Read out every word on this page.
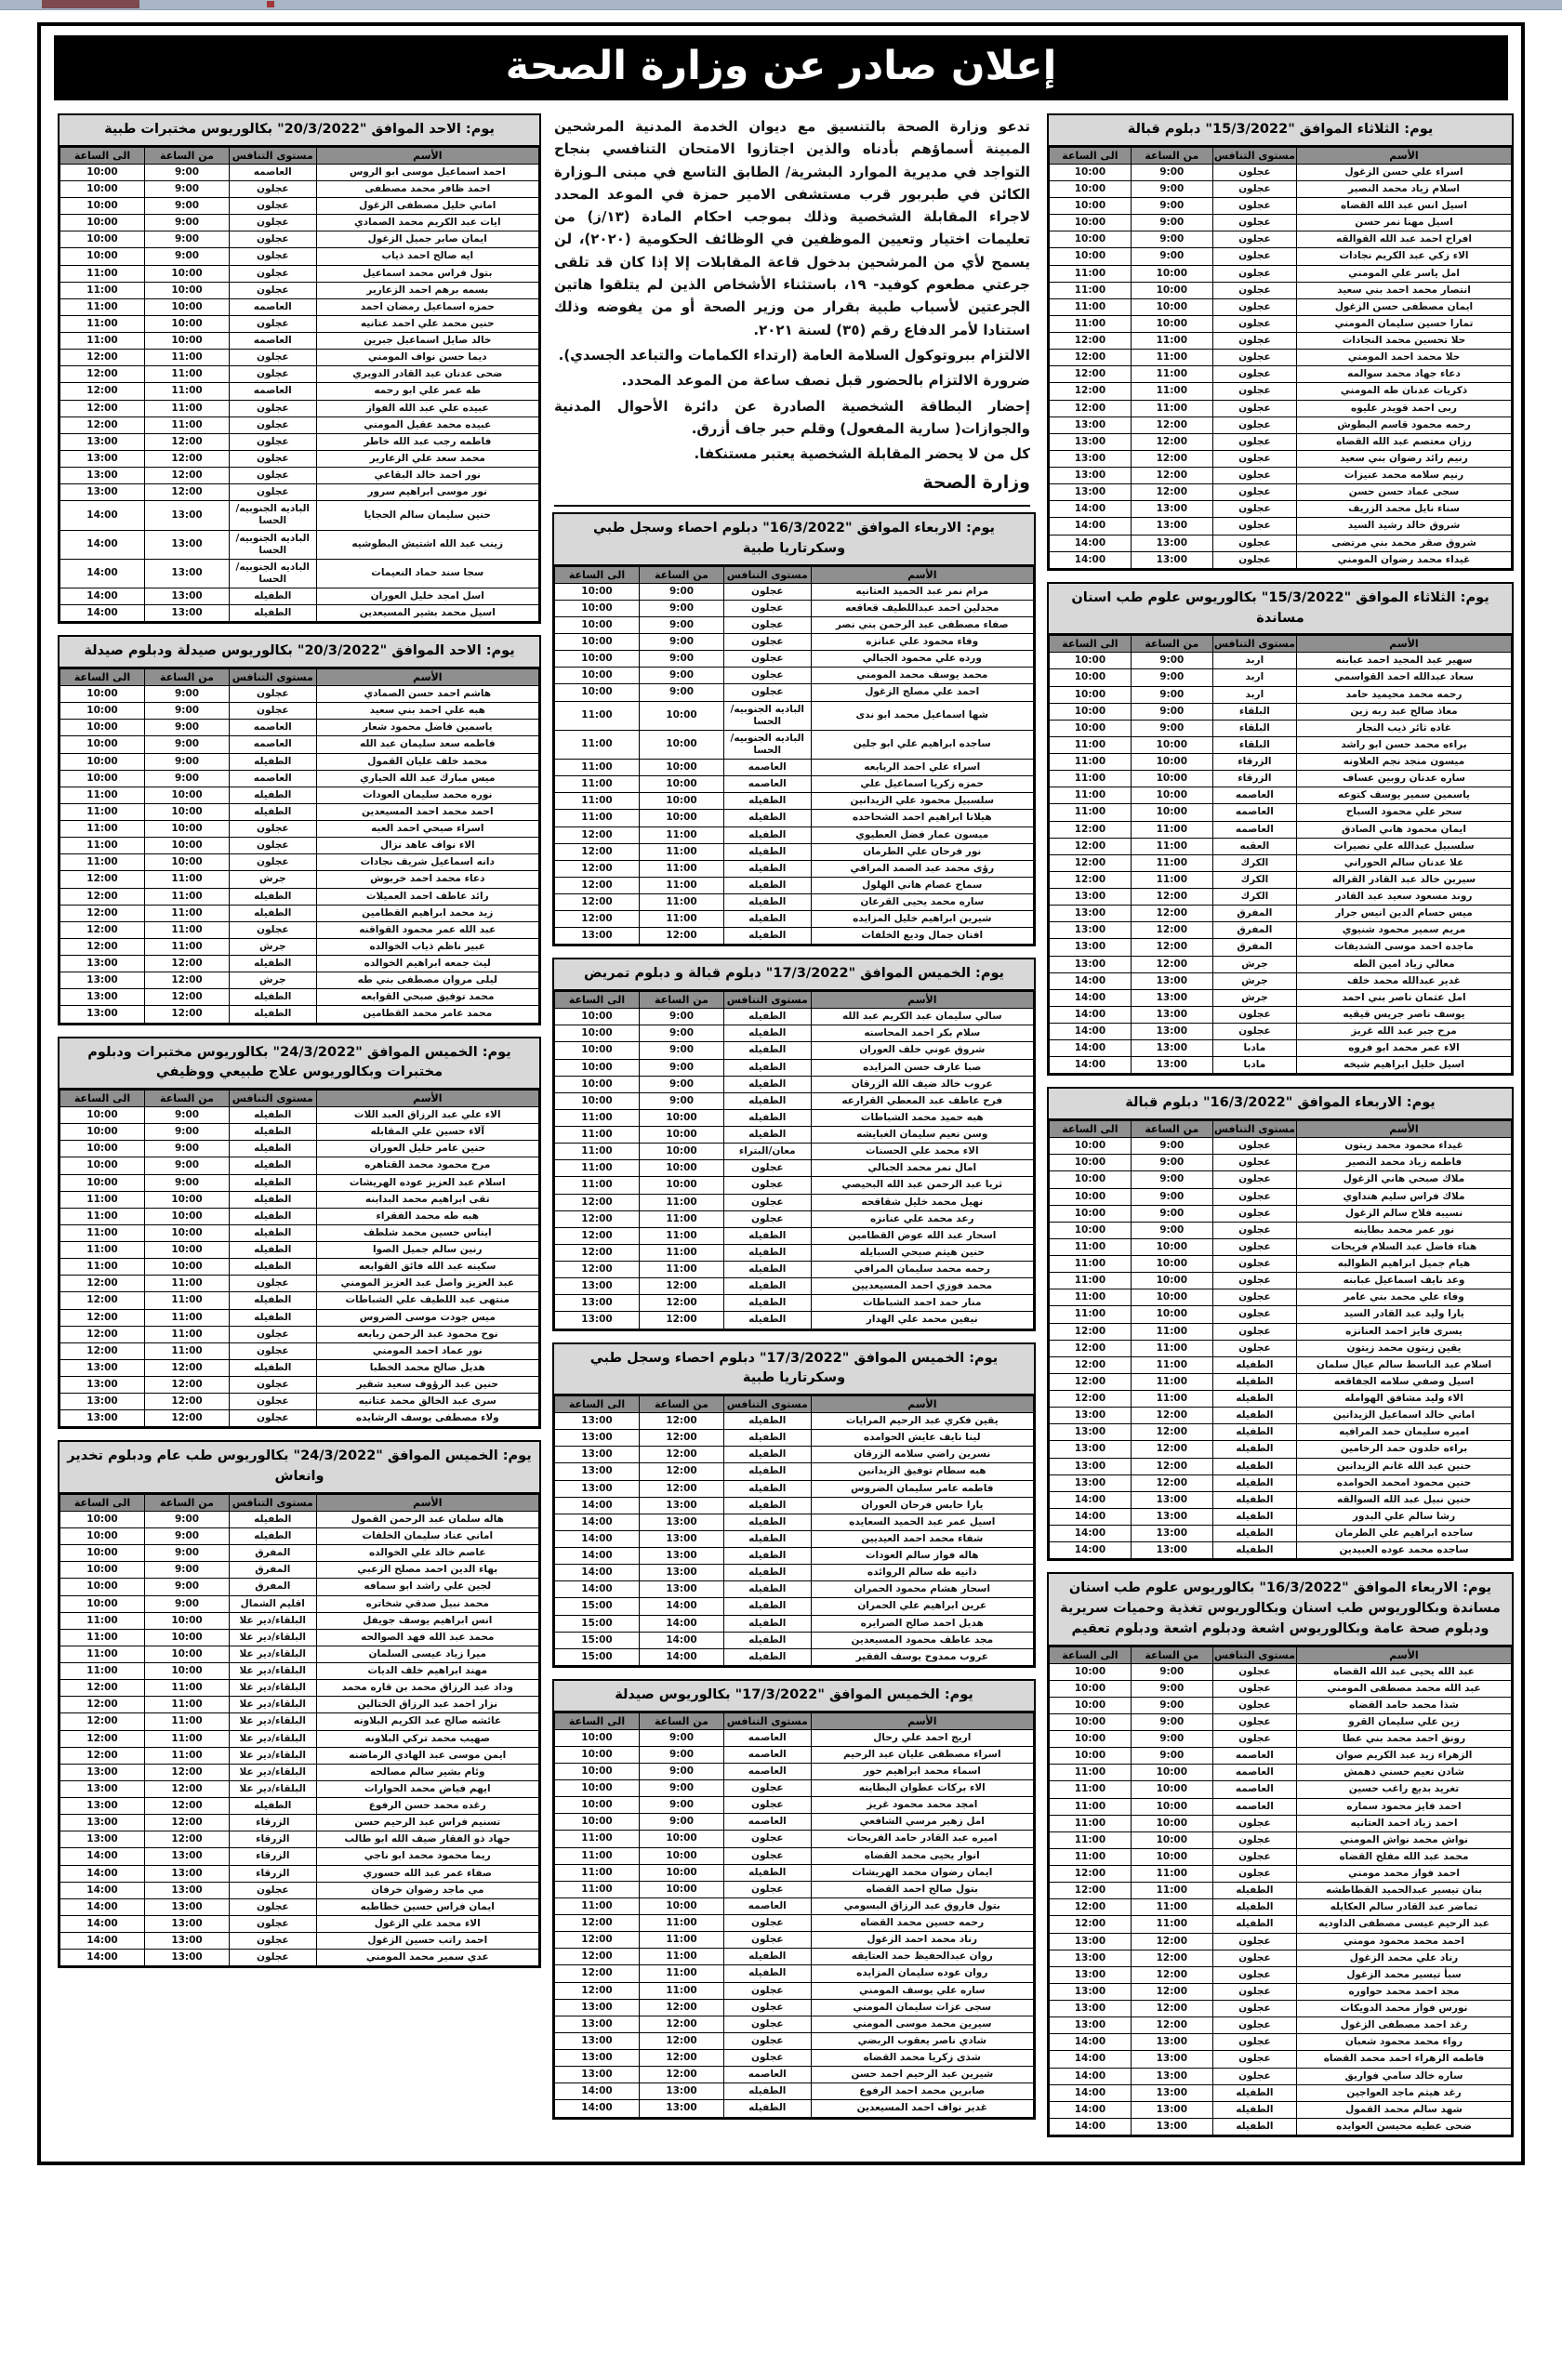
إعلان صادر عن وزارة الصحة
يوم: الثلاثاء الموافق "15/3/2022" دبلوم قبالة
الأسم	مستوى التنافس	من الساعة	الى الساعة
اسراء علي حسن الزغول	عجلون	9:00	10:00
اسلام زياد محمد النصير	عجلون	9:00	10:00
اسيل انس عبد الله القضاه	عجلون	9:00	10:00
اسيل مهنا نمر حسن	عجلون	9:00	10:00
افراح احمد عبد الله القوالقه	عجلون	9:00	10:00
الاء زكي عبد الكريم نجادات	عجلون	9:00	10:00
امل ياسر علي المومني	عجلون	10:00	11:00
انتصار محمد احمد بني سعيد	عجلون	10:00	11:00
ايمان مصطفى حسن الزغول	عجلون	10:00	11:00
تمارا حسين سليمان المومني	عجلون	10:00	11:00
حلا تحسين محمد النجادات	عجلون	11:00	12:00
حلا محمد احمد المومني	عجلون	11:00	12:00
دعاء جهاد محمد سوالمه	عجلون	11:00	12:00
ذكريات عدنان طه المومني	عجلون	11:00	12:00
ربى احمد قويدر عليوه	عجلون	11:00	12:00
رحمه محمود قاسم البطوش	عجلون	12:00	13:00
رزان معتصم عبد الله القضاه	عجلون	12:00	13:00
رنيم رائد رضوان بني سعيد	عجلون	12:00	13:00
رنيم سلامه محمد عنيزات	عجلون	12:00	13:00
سجى عماد حسن حسن	عجلون	12:00	13:00
سناء نايل محمد الزريف	عجلون	13:00	14:00
شروق خالد رشيد السيد	عجلون	13:00	14:00
شروق صقر محمد بني مرتضى	عجلون	13:00	14:00
غيداء محمد رضوان المومني	عجلون	13:00	14:00
يوم: الثلاثاء الموافق "15/3/2022" بكالوريوس علوم طب اسنان مساندة
الأسم	مستوى التنافس	من الساعة	الى الساعة
سهير عبد المجيد احمد عبابنه	اربد	9:00	10:00
سعاد عبدالله احمد القواسمي	اربد	9:00	10:00
رحمه محمد محيميد حامد	اربد	9:00	10:00
معاذ صالح عبد ربه زين	البلقاء	9:00	10:00
غاده ثائر ذيب النجار	البلقاء	9:00	10:00
براءه محمد حسن ابو راشد	البلقاء	10:00	11:00
ميسون منجد نجم العلاونه	الزرقاء	10:00	11:00
ساره عدنان روبين عساف	الزرقاء	10:00	11:00
ياسمين سمير يوسف كتوعه	العاصمه	10:00	11:00
سحر علي محمود السباح	العاصمه	10:00	11:00
ايمان محمود هاني الصادق	العاصمه	11:00	12:00
سلسبيل عبدالله علي نصيرات	العقبه	11:00	12:00
علا عدنان سالم الحوراني	الكرك	11:00	12:00
سيرين خالد عبد القادر القراله	الكرك	11:00	12:00
روند مسعود سعيد عبد القادر	الكرك	12:00	13:00
ميس حسام الدين انيس جرار	المفرق	12:00	13:00
مريم سمير محمود شنيوي	المفرق	12:00	13:00
ماجده احمد موسى الشديفات	المفرق	12:00	13:00
معالي زياد امين الطه	جرش	12:00	13:00
غدير عبدالله محمد خلف	جرش	13:00	14:00
امل عثمان ناصر بني احمد	جرش	13:00	14:00
يوسف ناصر جريس قيقيه	عجلون	13:00	14:00
مرح جبر عبد الله غريز	عجلون	13:00	14:00
الاء عمر محمد ابو فروه	مادبا	13:00	14:00
اسيل خليل ابراهيم شيخه	مادبا	13:00	14:00
يوم: الاربعاء الموافق "16/3/2022" دبلوم قبالة
الأسم	مستوى التنافس	من الساعة	الى الساعة
غيداء محمود محمد زيتون	عجلون	9:00	10:00
فاطمه زياد محمد النصير	عجلون	9:00	10:00
ملاك صبحي هاني الزغول	عجلون	9:00	10:00
ملاك فراس سليم هنداوي	عجلون	9:00	10:00
نسيبه فلاح سالم الزغول	عجلون	9:00	10:00
نور عمر محمد بطاينه	عجلون	9:00	10:00
هناء فاضل عبد السلام فريحات	عجلون	10:00	11:00
هيام جميل ابراهيم الطوالبه	عجلون	10:00	11:00
وعد نايف اسماعيل عبابنه	عجلون	10:00	11:00
وفاء علي محمد بني عامر	عجلون	10:00	11:00
يارا وليد عبد القادر السيد	عجلون	10:00	11:00
يسرى فايز احمد العنانزه	عجلون	11:00	12:00
يقين زيتون محمد زيتون	عجلون	11:00	12:00
اسلام عبد الباسط سالم عيال سلمان	الطفيله	11:00	12:00
اسيل وصفي سلامه الجفاقعه	الطفيله	11:00	12:00
الاء وليد مشافق الهوامله	الطفيله	11:00	12:00
اماني خالد اسماعيل الزيدانين	الطفيله	12:00	13:00
اميره سليمان حمد المرافيه	الطفيله	12:00	13:00
براءه خلدون حمد الرخامين	الطفيله	12:00	13:00
حنين عبد الله غانم الزيدانين	الطفيله	12:00	13:00
حنين محمود امحمد الحوامده	الطفيله	12:00	13:00
حنين نبيل عبد الله السوالقه	الطفيله	13:00	14:00
رشا سالم علي البدور	الطفيله	13:00	14:00
ساجده ابراهيم علي الطرمان	الطفيله	13:00	14:00
ساجده محمد عوده العبيدين	الطفيله	13:00	14:00
يوم: الاربعاء الموافق "16/3/2022" بكالوريوس علوم طب اسنان مساندة وبكالوريوس طب اسنان وبكالوريوس تغذية وحميات سريرية ودبلوم صحة عامة وبكالوريوس اشعة ودبلوم اشعة ودبلوم تعقيم
الأسم	مستوى التنافس	من الساعة	الى الساعة
عبد الله يحيى عبد الله القضاه	عجلون	9:00	10:00
عبد الله محمد مصطفى المومني	عجلون	9:00	10:00
شذا محمد حامد القضاه	عجلون	9:00	10:00
زين علي سليمان القرو	عجلون	9:00	10:00
رونق احمد محمد بني عطا	عجلون	9:00	10:00
الزهراء زيد عبد الكريم صوان	العاصمه	9:00	10:00
شادن نعيم حسني دهمش	العاصمه	10:00	11:00
تغريد بديع راغب حسين	العاصمه	10:00	11:00
احمد فايز محمود سماره	العاصمه	10:00	11:00
احمد زياد احمد العتانيه	عجلون	10:00	11:00
نواش محمد نواش المومني	عجلون	10:00	11:00
محمد عبد الله مفلح القضاه	عجلون	10:00	11:00
احمد فواز محمد مومني	عجلون	11:00	12:00
بنان تيسير عبدالحميد القطاطشه	الطفيله	11:00	12:00
تماضر عبد القادر سالم العكايله	الطفيله	11:00	12:00
عبد الرحيم عيسى مصطفى الداودیه	الطفيله	11:00	12:00
احمد محمد محمود مومني	عجلون	12:00	13:00
رناد علي محمد الزغول	عجلون	12:00	13:00
سبأ تيسير محمد الزغول	عجلون	12:00	13:00
مجد احمد محمد حواوره	عجلون	12:00	13:00
نورس فواز محمد الدويكات	عجلون	12:00	13:00
رغد احمد مصطفى الزغول	عجلون	12:00	13:00
رواء محمد محمود شعبان	عجلون	13:00	14:00
فاطمه الزهراء احمد محمد القضاه	عجلون	13:00	14:00
ساره خالد سامي فواريق	عجلون	13:00	14:00
رغد هيثم ماجد العواجين	الطفيله	13:00	14:00
شهد سالم محمد القمول	الطفيله	13:00	14:00
ضحى عطيه محيسن العوايده	الطفيله	13:00	14:00

تدعو وزارة الصحة بالتنسيق مع ديوان الخدمة المدنية المرشحين المبينة أسماؤهم بأدناه والذين اجتازوا الامتحان التنافسي بنجاح التواجد في مديرية الموارد البشرية/ الطابق التاسع في مبنى الـوزارة الكائن في طبربور قرب مستشفى الامير حمزة في الموعد المحدد لاجراء المقابلة الشخصية وذلك بموجب احكام المادة (١٣/ز) من تعليمات اختيار وتعيين الموظفين في الوظائف الحكومية (٢٠٢٠)، لن يسمح لأي من المرشحين بدخول قاعة المقابلات إلا إذا كان قد تلقى جرعتي مطعوم كوفيد- ١٩، باستثناء الأشخاص الذين لم يتلقوا هاتين الجرعتين لأسباب طبية بقرار من وزير الصحة أو من يفوضه وذلك استنادا لأمر الدفاع رقم (٣٥) لسنة ٢٠٢١.

الالتزام ببروتوكول السلامة العامة (ارتداء الكمامات والتباعد الجسدي).

ضرورة الالتزام بالحضور قبل نصف ساعة من الموعد المحدد.

إحضار البطاقة الشخصية الصادرة عن دائرة الأحوال المدنية والجوازات( سارية المفعول) وقلم حبر جاف أزرق.

كل من لا يحضر المقابلة الشخصية يعتبر مستنكفا.

وزارة الصحة
يوم: الاربعاء الموافق "16/3/2022" دبلوم احصاء وسجل طبي وسكرتاريا طبية
الأسم	مستوى التنافس	من الساعة	الى الساعة
مرام نمر عبد الحميد العتانيه	عجلون	9:00	10:00
مجدلين احمد عبداللطيف قعاقعه	عجلون	9:00	10:00
صفاء مصطفى عبد الرحمن بني نصر	عجلون	9:00	10:00
وفاء محمود علي عنانزه	عجلون	9:00	10:00
ورده علي محمود الجبالي	عجلون	9:00	10:00
محمد يوسف محمد المومني	عجلون	9:00	10:00
احمد علي مصلح الزغول	عجلون	9:00	10:00
شها اسماعيل محمد ابو ندى	الباديه الجنوبيه/الحسا	10:00	11:00
ساجده ابراهيم علي ابو جلين	الباديه الجنوبيه/الحسا	10:00	11:00
اسراء علي احمد الربابعه	العاصمه	10:00	11:00
حمزه زكريا اسماعيل علي	العاصمه	10:00	11:00
سلسبيل محمود علي الزيدانين	الطفيله	10:00	11:00
هيلانا ابراهيم احمد الشحاحده	الطفيله	10:00	11:00
ميسون عمار فضل العطيوي	الطفيله	11:00	12:00
نور فرحان علي الطرمان	الطفيله	11:00	12:00
رؤى محمد عبد الصمد المرافي	الطفيله	11:00	12:00
سماح عصام هاني الهلول	الطفيله	11:00	12:00
ساره محمد يحيى القرعان	الطفيله	11:00	12:00
شيرين ابراهيم خليل المزايده	الطفيله	11:00	12:00
افنان جمال وديع الخلفات	الطفيله	12:00	13:00
يوم: الخميس الموافق "17/3/2022" دبلوم قبالة و دبلوم تمريض
الأسم	مستوى التنافس	من الساعة	الى الساعة
سالي سليمان عبد الكريم عبد الله	الطفيله	9:00	10:00
سلام بكر احمد المحاسنه	الطفيله	9:00	10:00
شروق عوني خلف العوران	الطفيله	9:00	10:00
صبا عارف حسن المزايده	الطفيله	9:00	10:00
عروب خالد ضيف الله الزرقان	الطفيله	9:00	10:00
فرح عاطف عبد المعطي القرارعه	الطفيله	9:00	10:00
هبه حميد محمد الشباطات	الطفيله	10:00	11:00
وسن نعيم سليمان الغبايشه	الطفيله	10:00	11:00
الاء محمد علي الحسنات	معان/البتراء	10:00	11:00
امال نمر محمد الجبالي	عجلون	10:00	11:00
ثريا عبد الرحمن عبد الله البحيصي	عجلون	10:00	11:00
نهيل محمد خليل شقاقحه	عجلون	11:00	12:00
رعد محمد علي عنانزه	عجلون	11:00	12:00
اسحار عبد الله عوض القطامين	الطفيله	11:00	12:00
حنين هيثم صبحي السبايله	الطفيله	11:00	12:00
رحمه محمد سليمان المرافي	الطفيله	11:00	12:00
محمد فوزي احمد المسيعديين	الطفيله	12:00	13:00
منار حمد احمد الشباطات	الطفيله	12:00	13:00
نيفين محمد علي الهدار	الطفيله	12:00	13:00
يوم: الخميس الموافق "17/3/2022" دبلوم احصاء وسجل طبي وسكرتاريا طبية
الأسم	مستوى التنافس	من الساعة	الى الساعة
يقين فكري عبد الرحيم المرايات	الطفيله	12:00	13:00
لينا نايف عايش الحوامده	الطفيله	12:00	13:00
نسرين راضي سلامه الزرقان	الطفيله	12:00	13:00
هبه سطام توفيق الزيدانين	الطفيله	12:00	13:00
فاطمه عامر سليمان الضروس	الطفيله	12:00	13:00
يارا حابس فرحان العوران	الطفيله	13:00	14:00
اسيل عمر عبد الحميد السعايده	الطفيله	13:00	14:00
شفاء محمد احمد العيديين	الطفيله	13:00	14:00
هاله فواز سالم العودات	الطفيله	13:00	14:00
دانيه طه سالم الروائده	الطفيله	13:00	14:00
اسحار هشام محمود الحمران	الطفيله	13:00	14:00
عرين ابراهيم علي الحمران	الطفيله	14:00	15:00
هديل احمد صالح الصرايره	الطفيله	14:00	15:00
مجد عاطف محمود المسيعدين	الطفيله	14:00	15:00
عروب ممدوح يوسف الفقير	الطفيله	14:00	15:00
يوم: الخميس الموافق "17/3/2022" بكالوريوس صيدلة
الأسم	مستوى التنافس	من الساعة	الى الساعة
اريج احمد علي رحال	العاصمه	9:00	10:00
اسراء مصطفى عليان عبد الرحيم	العاصمه	9:00	10:00
اسماء محمد ابراهيم حور	العاصمه	9:00	10:00
الاء بركات عطوان البطاينه	عجلون	9:00	10:00
امجد محمد محمود غريز	عجلون	9:00	10:00
امل زهير مرسي الشافعي	العاصمه	9:00	10:00
اميره عبد القادر حامد الفريحات	عجلون	10:00	11:00
انوار يحيى محمد القضاه	عجلون	10:00	11:00
ايمان رضوان محمد الهريشات	الطفيله	10:00	11:00
بتول صالح احمد القضاه	عجلون	10:00	11:00
بتول فاروق عبد الرزاق البسومي	العاصمه	10:00	11:00
رحمه حسين محمد القضاه	عجلون	11:00	12:00
رناد محمد احمد الزغول	عجلون	11:00	12:00
روان عبدالحفيظ حمد العتايقه	الطفيله	11:00	12:00
روان عوده سليمان المزايده	الطفيله	11:00	12:00
ساره علي يوسف المومني	عجلون	11:00	12:00
سجى عزات سليمان المومني	عجلون	12:00	13:00
سيرين محمد موسى المومني	عجلون	12:00	13:00
شادي ناصر يعقوب الربضي	عجلون	12:00	13:00
شذى زكريا محمد القضاه	عجلون	12:00	13:00
شيرين عبد الرحيم احمد حسن	العاصمه	12:00	13:00
صابرين محمد احمد الرفوع	الطفيله	13:00	14:00
غدير نواف احمد المسيعدين	الطفيله	13:00	14:00
يوم: الاحد الموافق "20/3/2022" بكالوريوس مختبرات طبية
الأسم	مستوى التنافس	من الساعة	الى الساعة
احمد اسماعيل موسى ابو الروس	العاصمه	9:00	10:00
احمد ظافر محمد مصطفى	عجلون	9:00	10:00
اماني خليل مصطفى الزغول	عجلون	9:00	10:00
ايات عبد الكريم محمد الصمادي	عجلون	9:00	10:00
ايمان صابر جميل الزغول	عجلون	9:00	10:00
ايه صالح احمد ذياب	عجلون	9:00	10:00
بتول فراس محمد اسماعيل	عجلون	10:00	11:00
بسمه برهم احمد الزعارير	عجلون	10:00	11:00
حمزه اسماعيل رمضان احمد	العاصمه	10:00	11:00
حنين محمد علي احمد عتانيه	عجلون	10:00	11:00
خالد صايل اسماعيل جبرين	العاصمه	10:00	11:00
ديما حسن نواف المومني	عجلون	11:00	12:00
ضحى عدنان عبد القادر الدويري	عجلون	11:00	12:00
طه عمر علي ابو رحمه	العاصمه	11:00	12:00
عبيده علي عبد الله الفواز	عجلون	11:00	12:00
عبيده محمد عقيل المومني	عجلون	11:00	12:00
فاطمه رجب عبد الله خاطر	عجلون	12:00	13:00
محمد سعد علي الزعارير	عجلون	12:00	13:00
نور احمد خالد البقاعي	عجلون	12:00	13:00
نور موسى ابراهيم سرور	عجلون	12:00	13:00
حنين سليمان سالم الحجايا	الباديه الجنوبيه/الحسا	13:00	14:00
زينب عبد الله اشتيش البطوشيه	الباديه الجنوبيه/الحسا	13:00	14:00
سجا سند حماد النعيمات	الباديه الجنوبيه/الحسا	13:00	14:00
اسل امجد خليل العوران	الطفيله	13:00	14:00
اسيل محمد بشير المسيعدين	الطفيله	13:00	14:00
يوم: الاحد الموافق "20/3/2022" بكالوريوس صيدلة ودبلوم صيدلة
الأسم	مستوى التنافس	من الساعة	الى الساعة
هاشم احمد حسن الصمادي	عجلون	9:00	10:00
هبه علي احمد بني سعيد	عجلون	9:00	10:00
ياسمين فاضل محمود شعار	العاصمه	9:00	10:00
فاطمه سعد سليمان عبد الله	العاصمه	9:00	10:00
محمد خلف عليان القمول	الطفيله	9:00	10:00
ميس مبارك عبد الله الحياري	العاصمه	9:00	10:00
نوره محمد سليمان العودات	الطفيله	10:00	11:00
احمد محمد احمد المسيعدين	الطفيله	10:00	11:00
اسراء صبحي احمد العبه	عجلون	10:00	11:00
الاء نواف عاهد نزال	عجلون	10:00	11:00
دانه اسماعيل شريف نجادات	عجلون	10:00	11:00
دعاء محمد احمد خربوش	جرش	11:00	12:00
رائد عاطف احمد العميلات	الطفيله	11:00	12:00
زيد محمد ابراهيم القطامين	الطفيله	11:00	12:00
عبد الله عمر محمود القواقنه	عجلون	11:00	12:00
عبير ناظم ذياب الخوالده	جرش	11:00	12:00
ليث جمعه ابراهيم الخوالده	الطفيله	12:00	13:00
ليلى مروان مصطفى بني طه	جرش	12:00	13:00
محمد توفيق صبحي القوابعه	الطفيله	12:00	13:00
محمد عامر محمد القطامين	الطفيله	12:00	13:00
يوم: الخميس الموافق "24/3/2022" بكالوريوس مختبرات ودبلوم مختبرات وبكالوريوس علاج طبيعي ووظيفي
الأسم	مستوى التنافس	من الساعة	الى الساعة
الاء علي عبد الرزاق العبد اللات	الطفيله	9:00	10:00
آلاء حسين علي المقابله	الطفيله	9:00	10:00
حنين عامر خليل العوران	الطفيله	9:00	10:00
مرح محمود محمد القتاهره	الطفيله	9:00	10:00
اسلام عبد العزيز عوده الهريشات	الطفيله	9:00	10:00
تقى ابراهيم محمد البدابنه	الطفيله	10:00	11:00
هبه طه محمد الفقراء	الطفيله	10:00	11:00
ايناس حسين محمد شلطف	الطفيله	10:00	11:00
رنين سالم جميل الصوا	الطفيله	10:00	11:00
سكينه عبد الله فائق القوابعه	الطفيله	10:00	11:00
عبد العزيز واصل عبد العزيز المومني	عجلون	11:00	12:00
منتهى عبد اللطيف علي الشباطات	الطفيله	11:00	12:00
ميس جودت موسى الضروس	الطفيله	11:00	12:00
نوح محمود عبد الرحمن ربابعه	عجلون	11:00	12:00
نور عماد احمد المومني	عجلون	11:00	12:00
هديل صالح محمد الخطبا	الطفيله	12:00	13:00
حنين عبد الرؤوف سعيد شقير	عجلون	12:00	13:00
سرى عبد الخالق محمد عتانيه	عجلون	12:00	13:00
ولاء مصطفى يوسف الرشايده	عجلون	12:00	13:00
يوم: الخميس الموافق "24/3/2022" بكالوريوس طب عام ودبلوم تخدير وانعاش
الأسم	مستوى التنافس	من الساعة	الى الساعة
هاله سلمان عبد الرحمن القمول	الطفيله	9:00	10:00
اماني عناد سليمان الخلفات	الطفيله	9:00	10:00
عاصم خالد علي الخوالده	المفرق	9:00	10:00
بهاء الدين احمد مصلح الزعبي	المفرق	9:00	10:00
لجين علي راشد ابو سمافه	المفرق	9:00	10:00
محمد نبيل صدقي شخاتره	اقليم الشمال	9:00	10:00
انس ابراهيم يوسف جويفل	البلقاء/دير علا	10:00	11:00
محمد عبد الله فهد الصوالحه	البلقاء/دير علا	10:00	11:00
ميرا زياد عيسى السلمان	البلقاء/دير علا	10:00	11:00
مهند ابراهيم خلف الديات	البلقاء/دير علا	10:00	11:00
وداد عبد الرزاق محمد بن قاره محمد	البلقاء/دير علا	11:00	12:00
نزار احمد عبد الرزاق الختالين	البلقاء/دير علا	11:00	12:00
عائشه صالح عبد الكريم البلاونه	البلقاء/دير علا	11:00	12:00
صهيب محمد تركي البلاونه	البلقاء/دير علا	11:00	12:00
ايمن موسى عبد الهادي الرماضنه	البلقاء/دير علا	11:00	12:00
وئام بشير سالم مصالحه	البلقاء/دير علا	12:00	13:00
ايهم فياض محمد الحوارات	البلقاء/دير علا	12:00	13:00
رغده محمد حسن الرفوع	الطفيله	12:00	13:00
تسنيم فراس عبد الرحيم حسن	الزرقاء	12:00	13:00
جهاد ذو الفقار ضيف الله ابو طالب	الزرقاء	12:00	13:00
ريما محمود محمد ابو ناجي	الزرقاء	13:00	14:00
صفاء عمر عبد الله حسوري	الزرقاء	13:00	14:00
مي ماجد رضوان خرفان	عجلون	13:00	14:00
ايمان فراس حسين خطاطبه	عجلون	13:00	14:00
الاء محمد علي الزغول	عجلون	13:00	14:00
احمد راتب حسين الزغول	عجلون	13:00	14:00
عدي سمير محمد المومني	عجلون	13:00	14:00
